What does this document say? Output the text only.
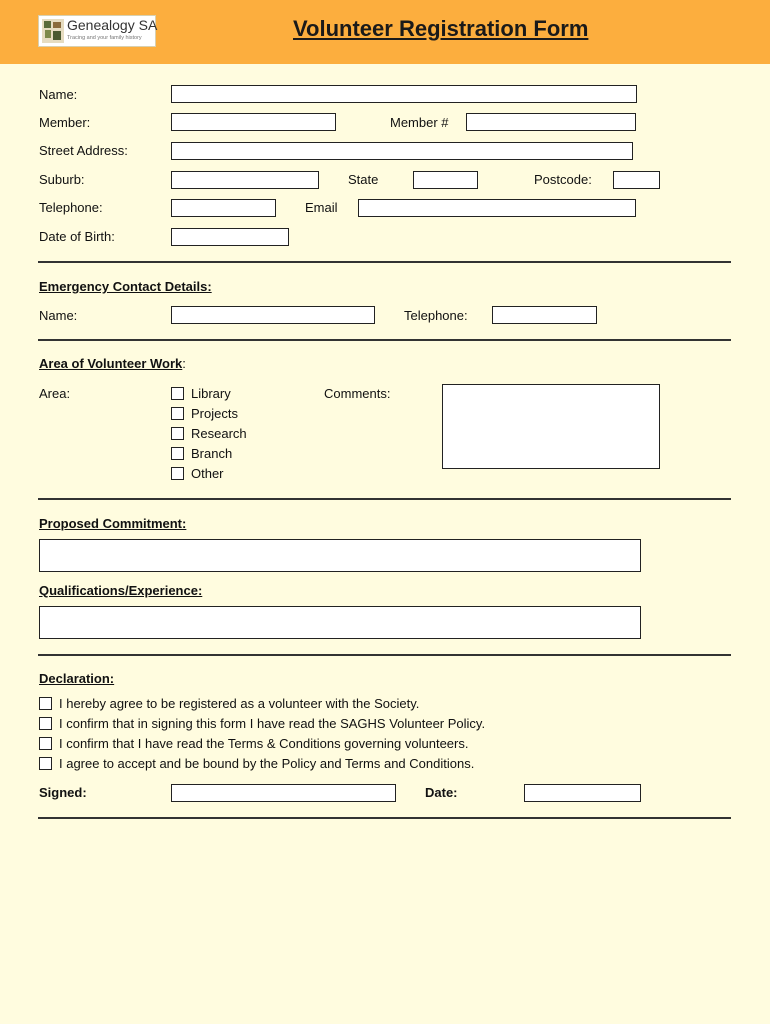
Genealogy SA
Tracing and your family history	Volunteer Registration Form
Name:
Member:	Member #
Street Address:
Suburb:	State	Postcode:
Telephone:	Email
Date of Birth:
Emergency Contact Details:
Name:	Telephone:
Area of Volunteer Work:
Area:	Library
Projects
Research
Branch
Other
Comments:
Proposed Commitment:
Qualifications/Experience:
Declaration:
I hereby agree to be registered as a volunteer with the Society.
I confirm that in signing this form I have read the SAGHS Volunteer Policy.
I confirm that I have read the Terms & Conditions governing volunteers.
I agree to accept and be bound by the Policy and Terms and Conditions.
Signed:	Date:
